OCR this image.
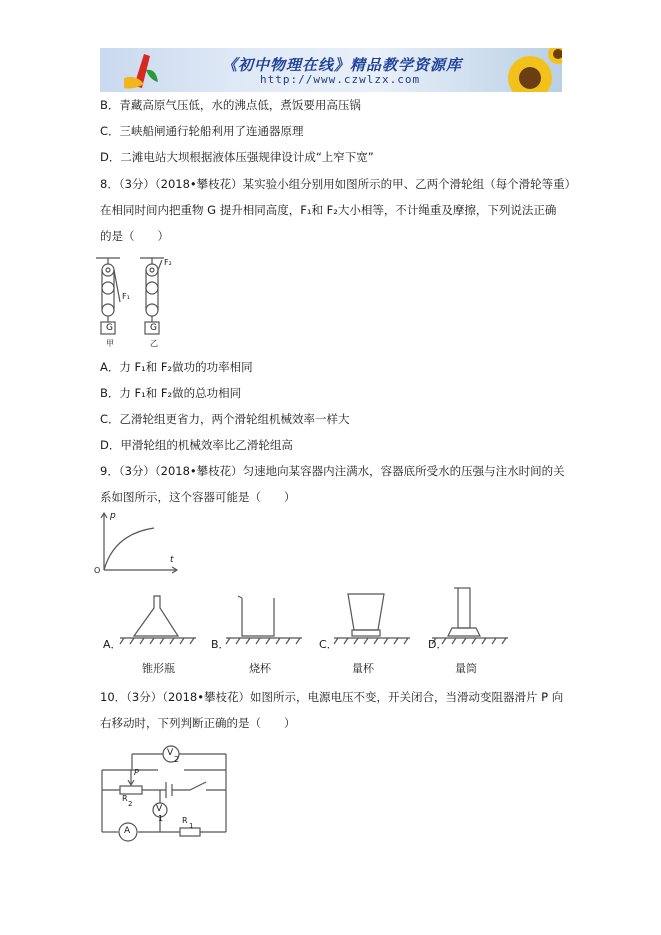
《初中物理在线》精品教学资源库
http://www.czwlzx.com
B．青藏高原气压低，水的沸点低，煮饭要用高压锅
C．三峡船闸通行轮船利用了连通器原理
D．二滩电站大坝根据液体压强规律设计成“上窄下宽”
8．（3分）（2018•攀枝花）某实验小组分别用如图所示的甲、乙两个滑轮组（每个滑轮等重）
在相同时间内把重物 G 提升相同高度，F₁和 F₂大小相等，不计绳重及摩擦，下列说法正确
的是（　　）
G	G
F₁
F₂
甲	乙
A．力 F₁和 F₂做功的功率相同
B．力 F₁和 F₂做的总功相同
C．乙滑轮组更省力，两个滑轮组机械效率一样大
D．甲滑轮组的机械效率比乙滑轮组高
9．（3分）（2018•攀枝花）匀速地向某容器内注满水，容器底所受水的压强与注水时间的关
系如图所示，这个容器可能是（　　）
p
t
O
A．	B．	C．	D．
锥形瓶	烧杯	量杯	量筒
10．（3分）（2018•攀枝花）如图所示，电源电压不变，开关闭合，当滑动变阻器滑片 P 向
右移动时，下列判断正确的是（　　）
V
2
V
1
A
P
R
2
R
1
